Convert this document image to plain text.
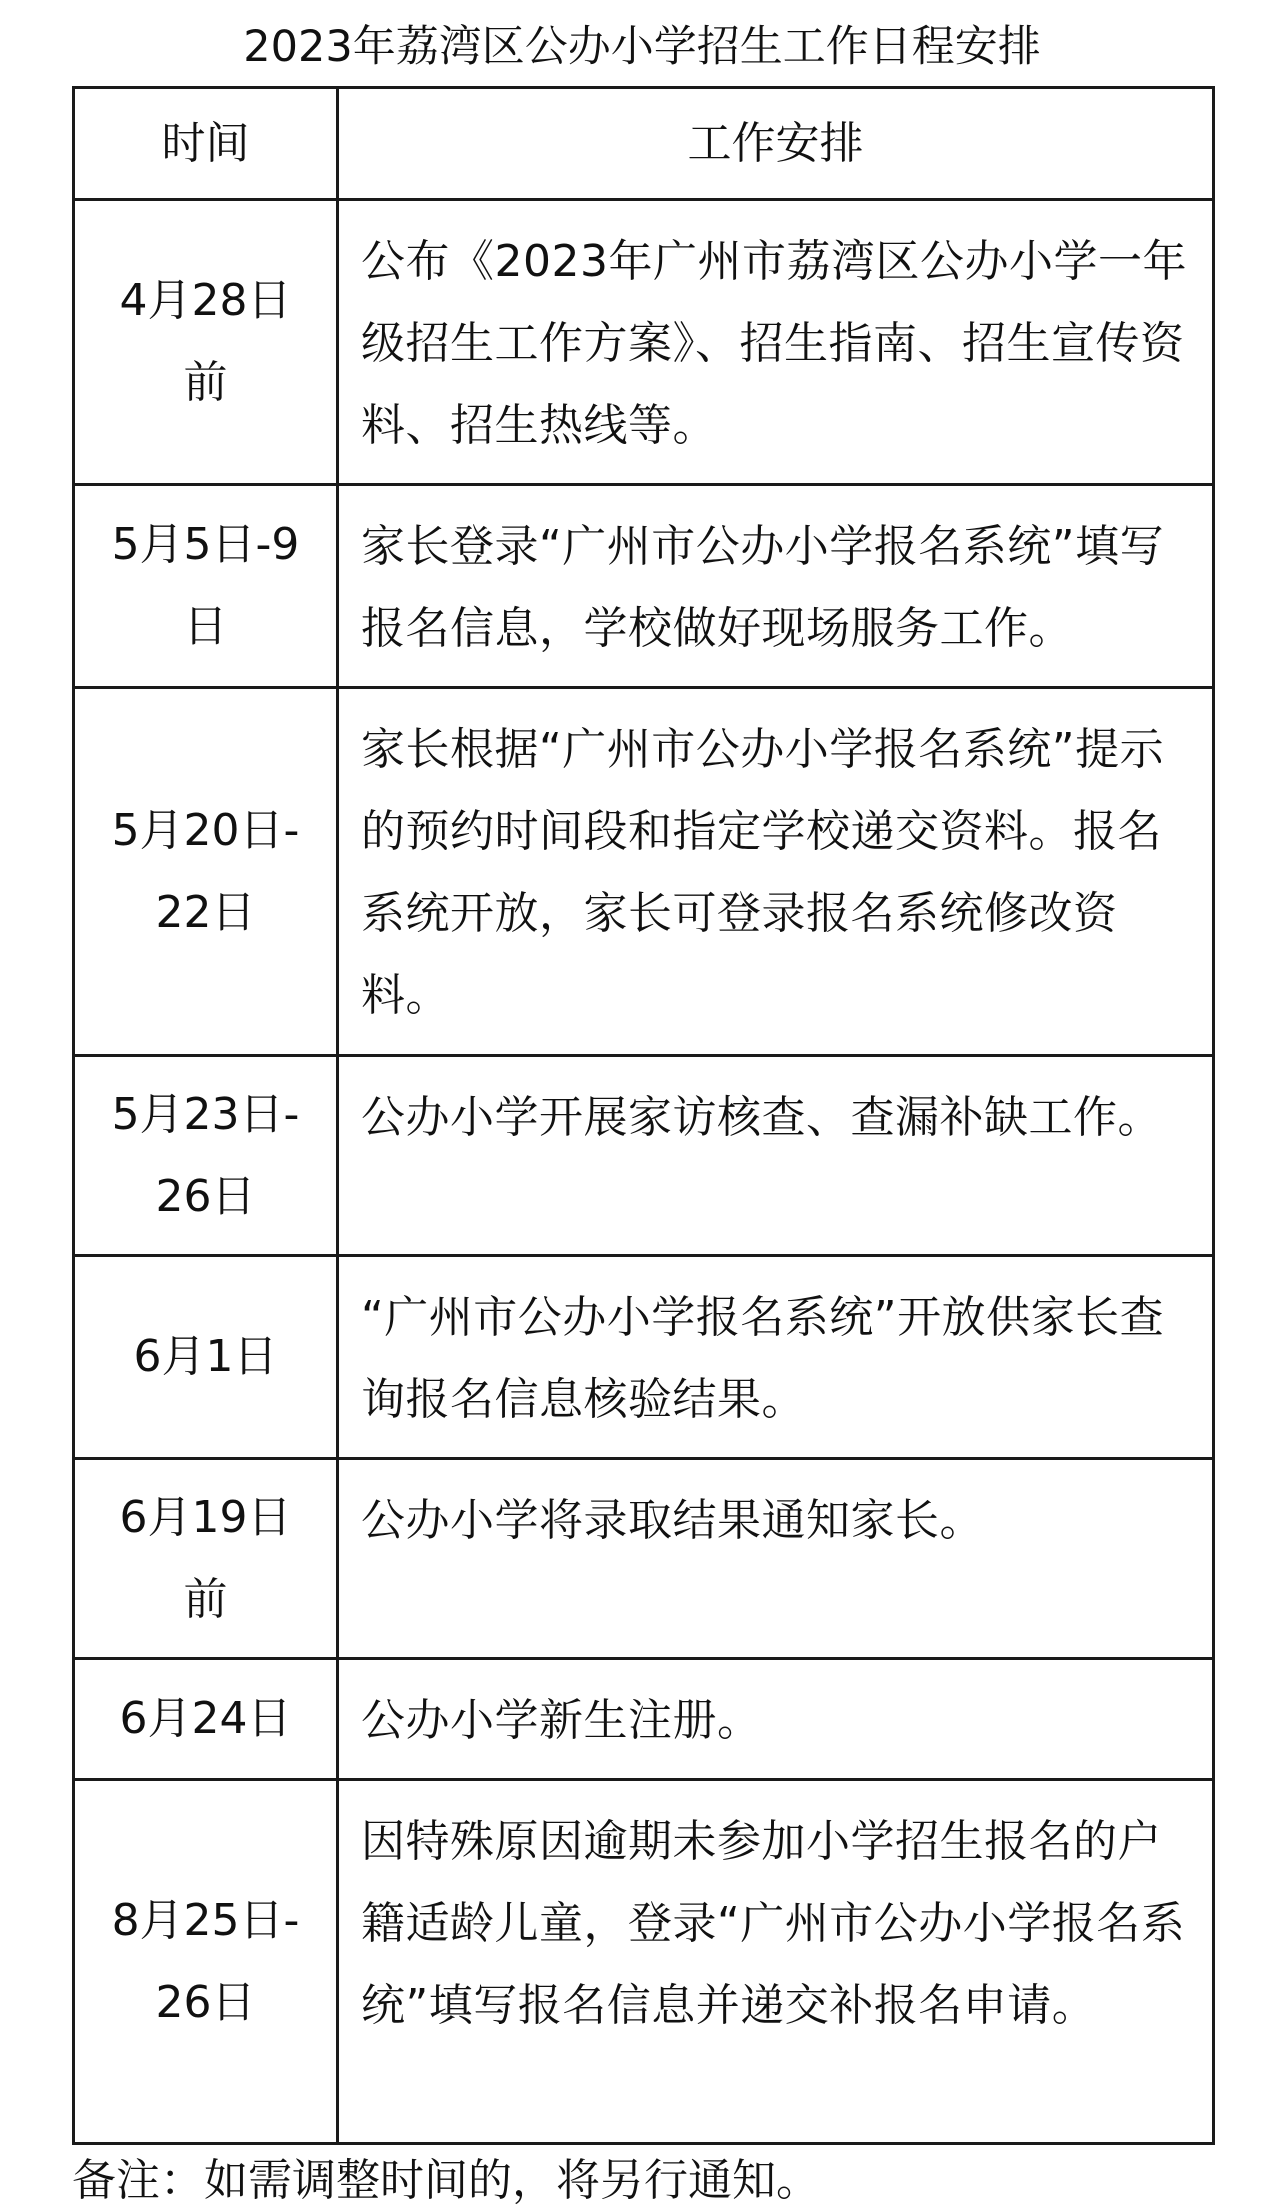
2023年荔湾区公办小学招生工作日程安排
时间	工作安排
4月28日前	公布《2023年广州市荔湾区公办小学一年级招生工作方案》、招生指南、招生宣传资料、招生热线等。
5月5日-9日	家长登录“广州市公办小学报名系统”填写报名信息，学校做好现场服务工作。
5月20日-22日	家长根据“广州市公办小学报名系统”提示的预约时间段和指定学校递交资料。报名系统开放，家长可登录报名系统修改资料。
5月23日-26日	公办小学开展家访核查、查漏补缺工作。
6月1日	“广州市公办小学报名系统”开放供家长查询报名信息核验结果。
6月19日前	公办小学将录取结果通知家长。
6月24日	公办小学新生注册。
8月25日-26日	因特殊原因逾期未参加小学招生报名的户籍适龄儿童，登录“广州市公办小学报名系统”填写报名信息并递交补报名申请。
备注：如需调整时间的，将另行通知。
